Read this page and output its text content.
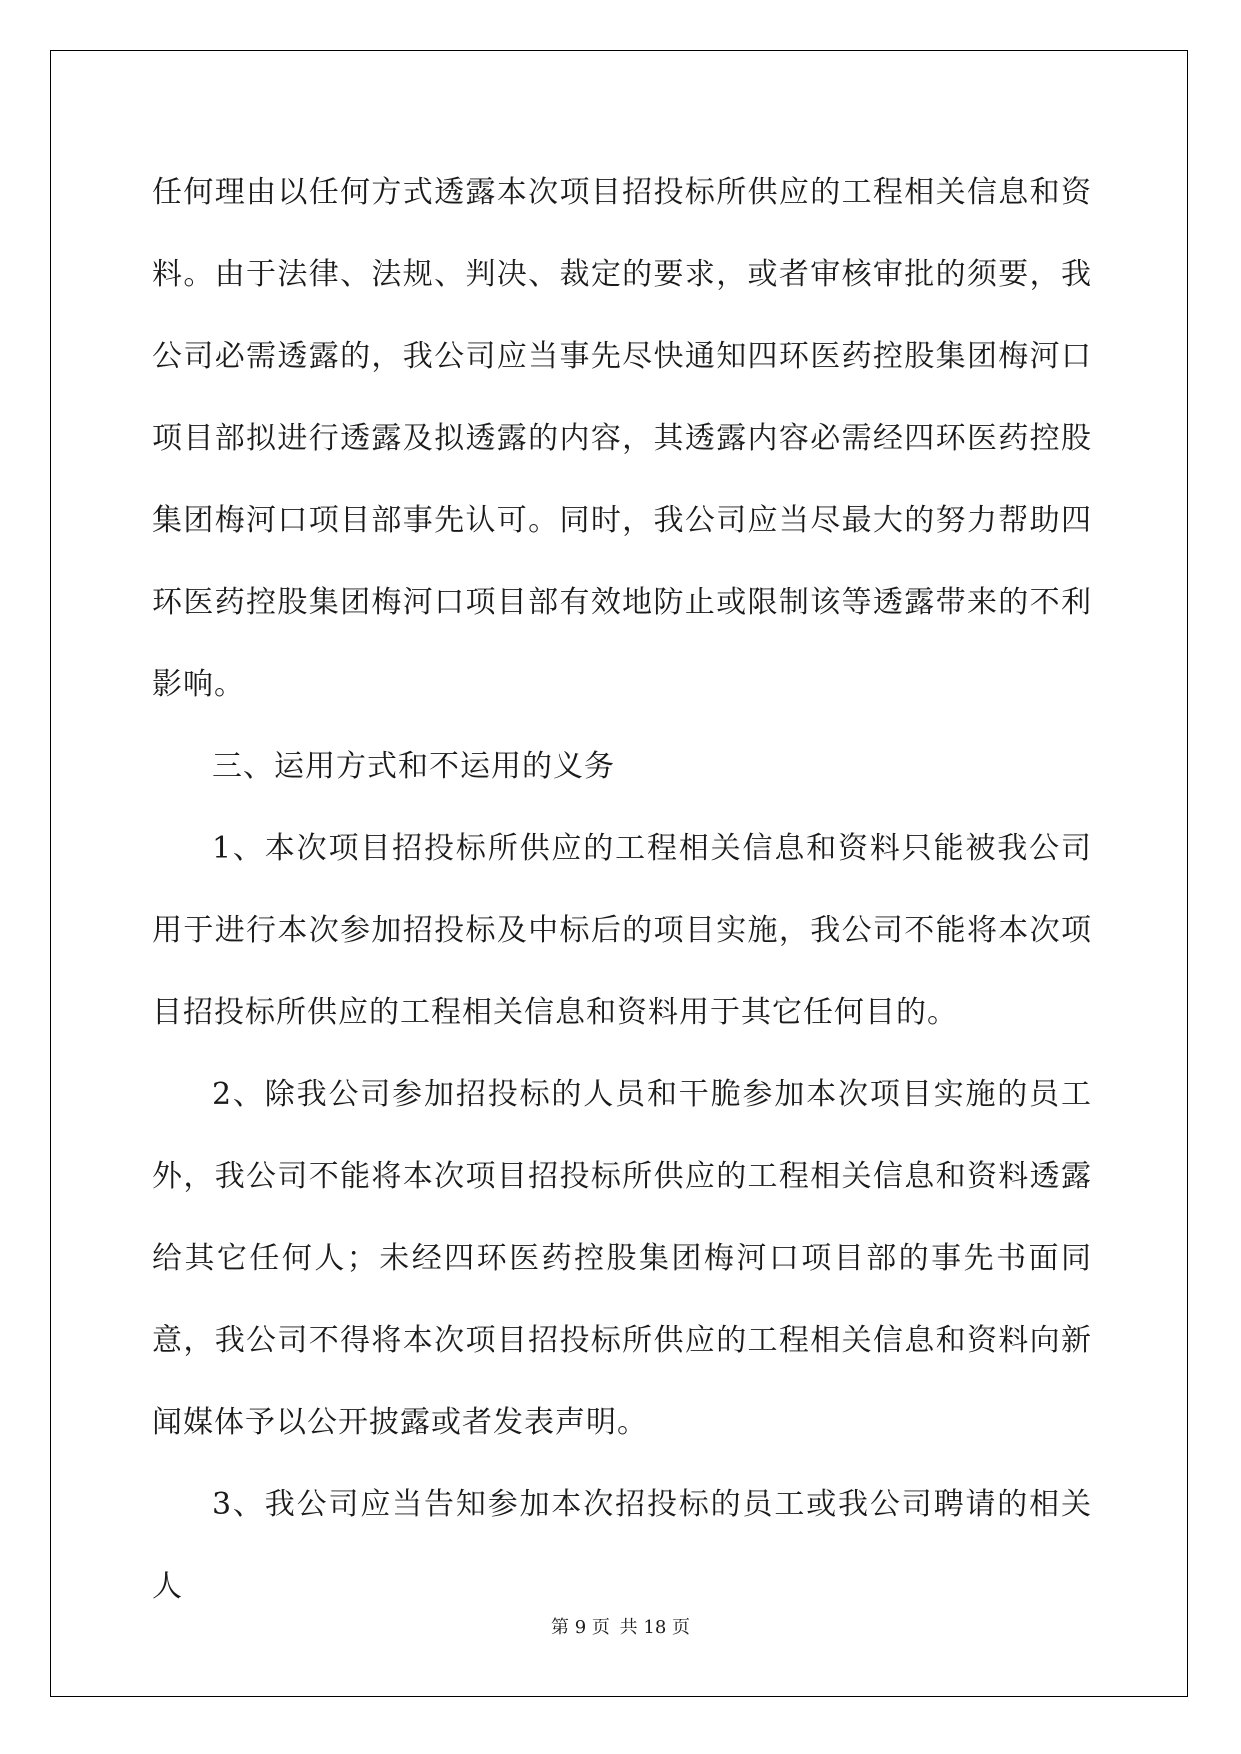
任何理由以任何方式透露本次项目招投标所供应的工程相关信息和资料。由于法律、法规、判决、裁定的要求，或者审核审批的须要，我公司必需透露的，我公司应当事先尽快通知四环医药控股集团梅河口项目部拟进行透露及拟透露的内容，其透露内容必需经四环医药控股集团梅河口项目部事先认可。同时，我公司应当尽最大的努力帮助四环医药控股集团梅河口项目部有效地防止或限制该等透露带来的不利影响。

三、运用方式和不运用的义务

1、本次项目招投标所供应的工程相关信息和资料只能被我公司用于进行本次参加招投标及中标后的项目实施，我公司不能将本次项目招投标所供应的工程相关信息和资料用于其它任何目的。

2、除我公司参加招投标的人员和干脆参加本次项目实施的员工外，我公司不能将本次项目招投标所供应的工程相关信息和资料透露给其它任何人；未经四环医药控股集团梅河口项目部的事先书面同意，我公司不得将本次项目招投标所供应的工程相关信息和资料向新闻媒体予以公开披露或者发表声明。

3、我公司应当告知参加本次招投标的员工或我公司聘请的相关人

第 9 页 共 18 页
